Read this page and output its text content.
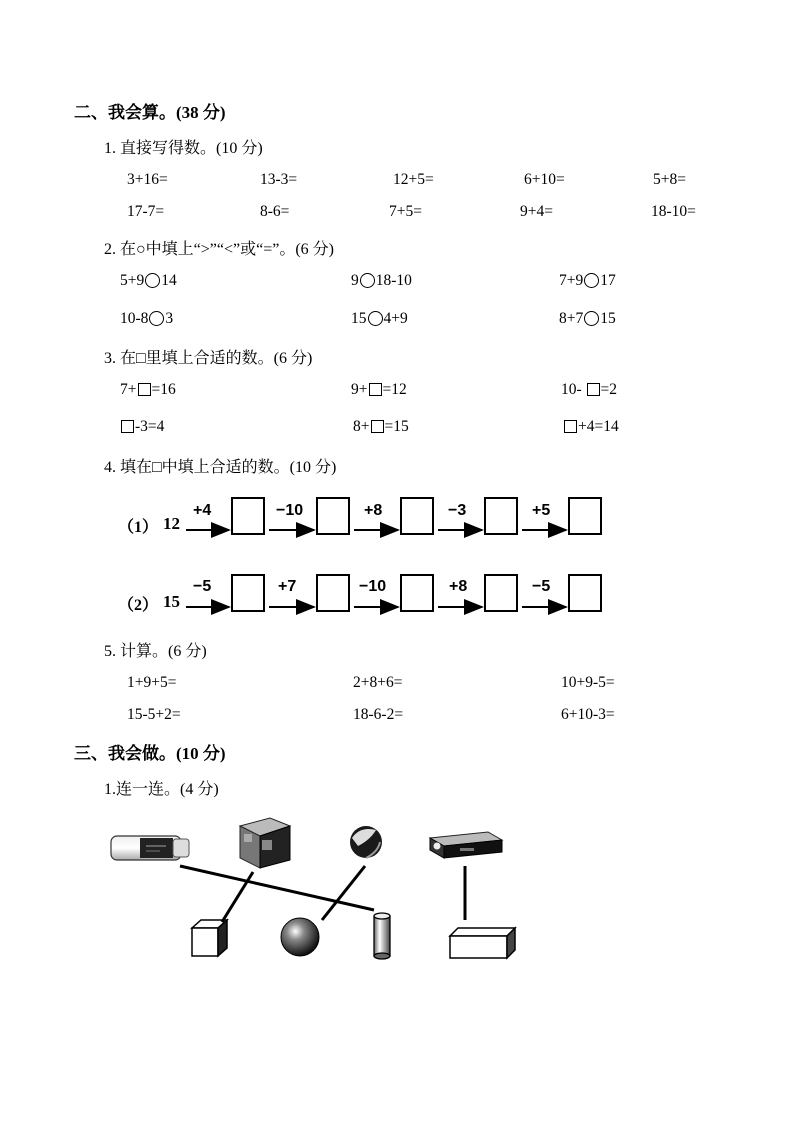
二、我会算。(38 分)
1. 直接写得数。(10 分)
3+16=	13-3=	12+5=	6+10=	5+8=
17-7=	8-6=	7+5=	9+4=	18-10=
2. 在○中填上“>”“<”或“=”。(6 分)
5+9 14	9 18-10	7+9 17
10-8 3	15 4+9	8+7 15
3. 在□里填上合适的数。(6 分)
7+ =16	9+ =12	10- =2
-3=4	8+ =15	+4=14
4. 填在□中填上合适的数。(10 分)
（1） 12
+4	−10	+8	−3	+5
（2） 15
−5	+7	−10	+8	−5
5. 计算。(6 分)
1+9+5=	2+8+6=	10+9-5=
15-5+2=	18-6-2=	6+10-3=
三、我会做。(10 分)
1.连一连。(4 分)
